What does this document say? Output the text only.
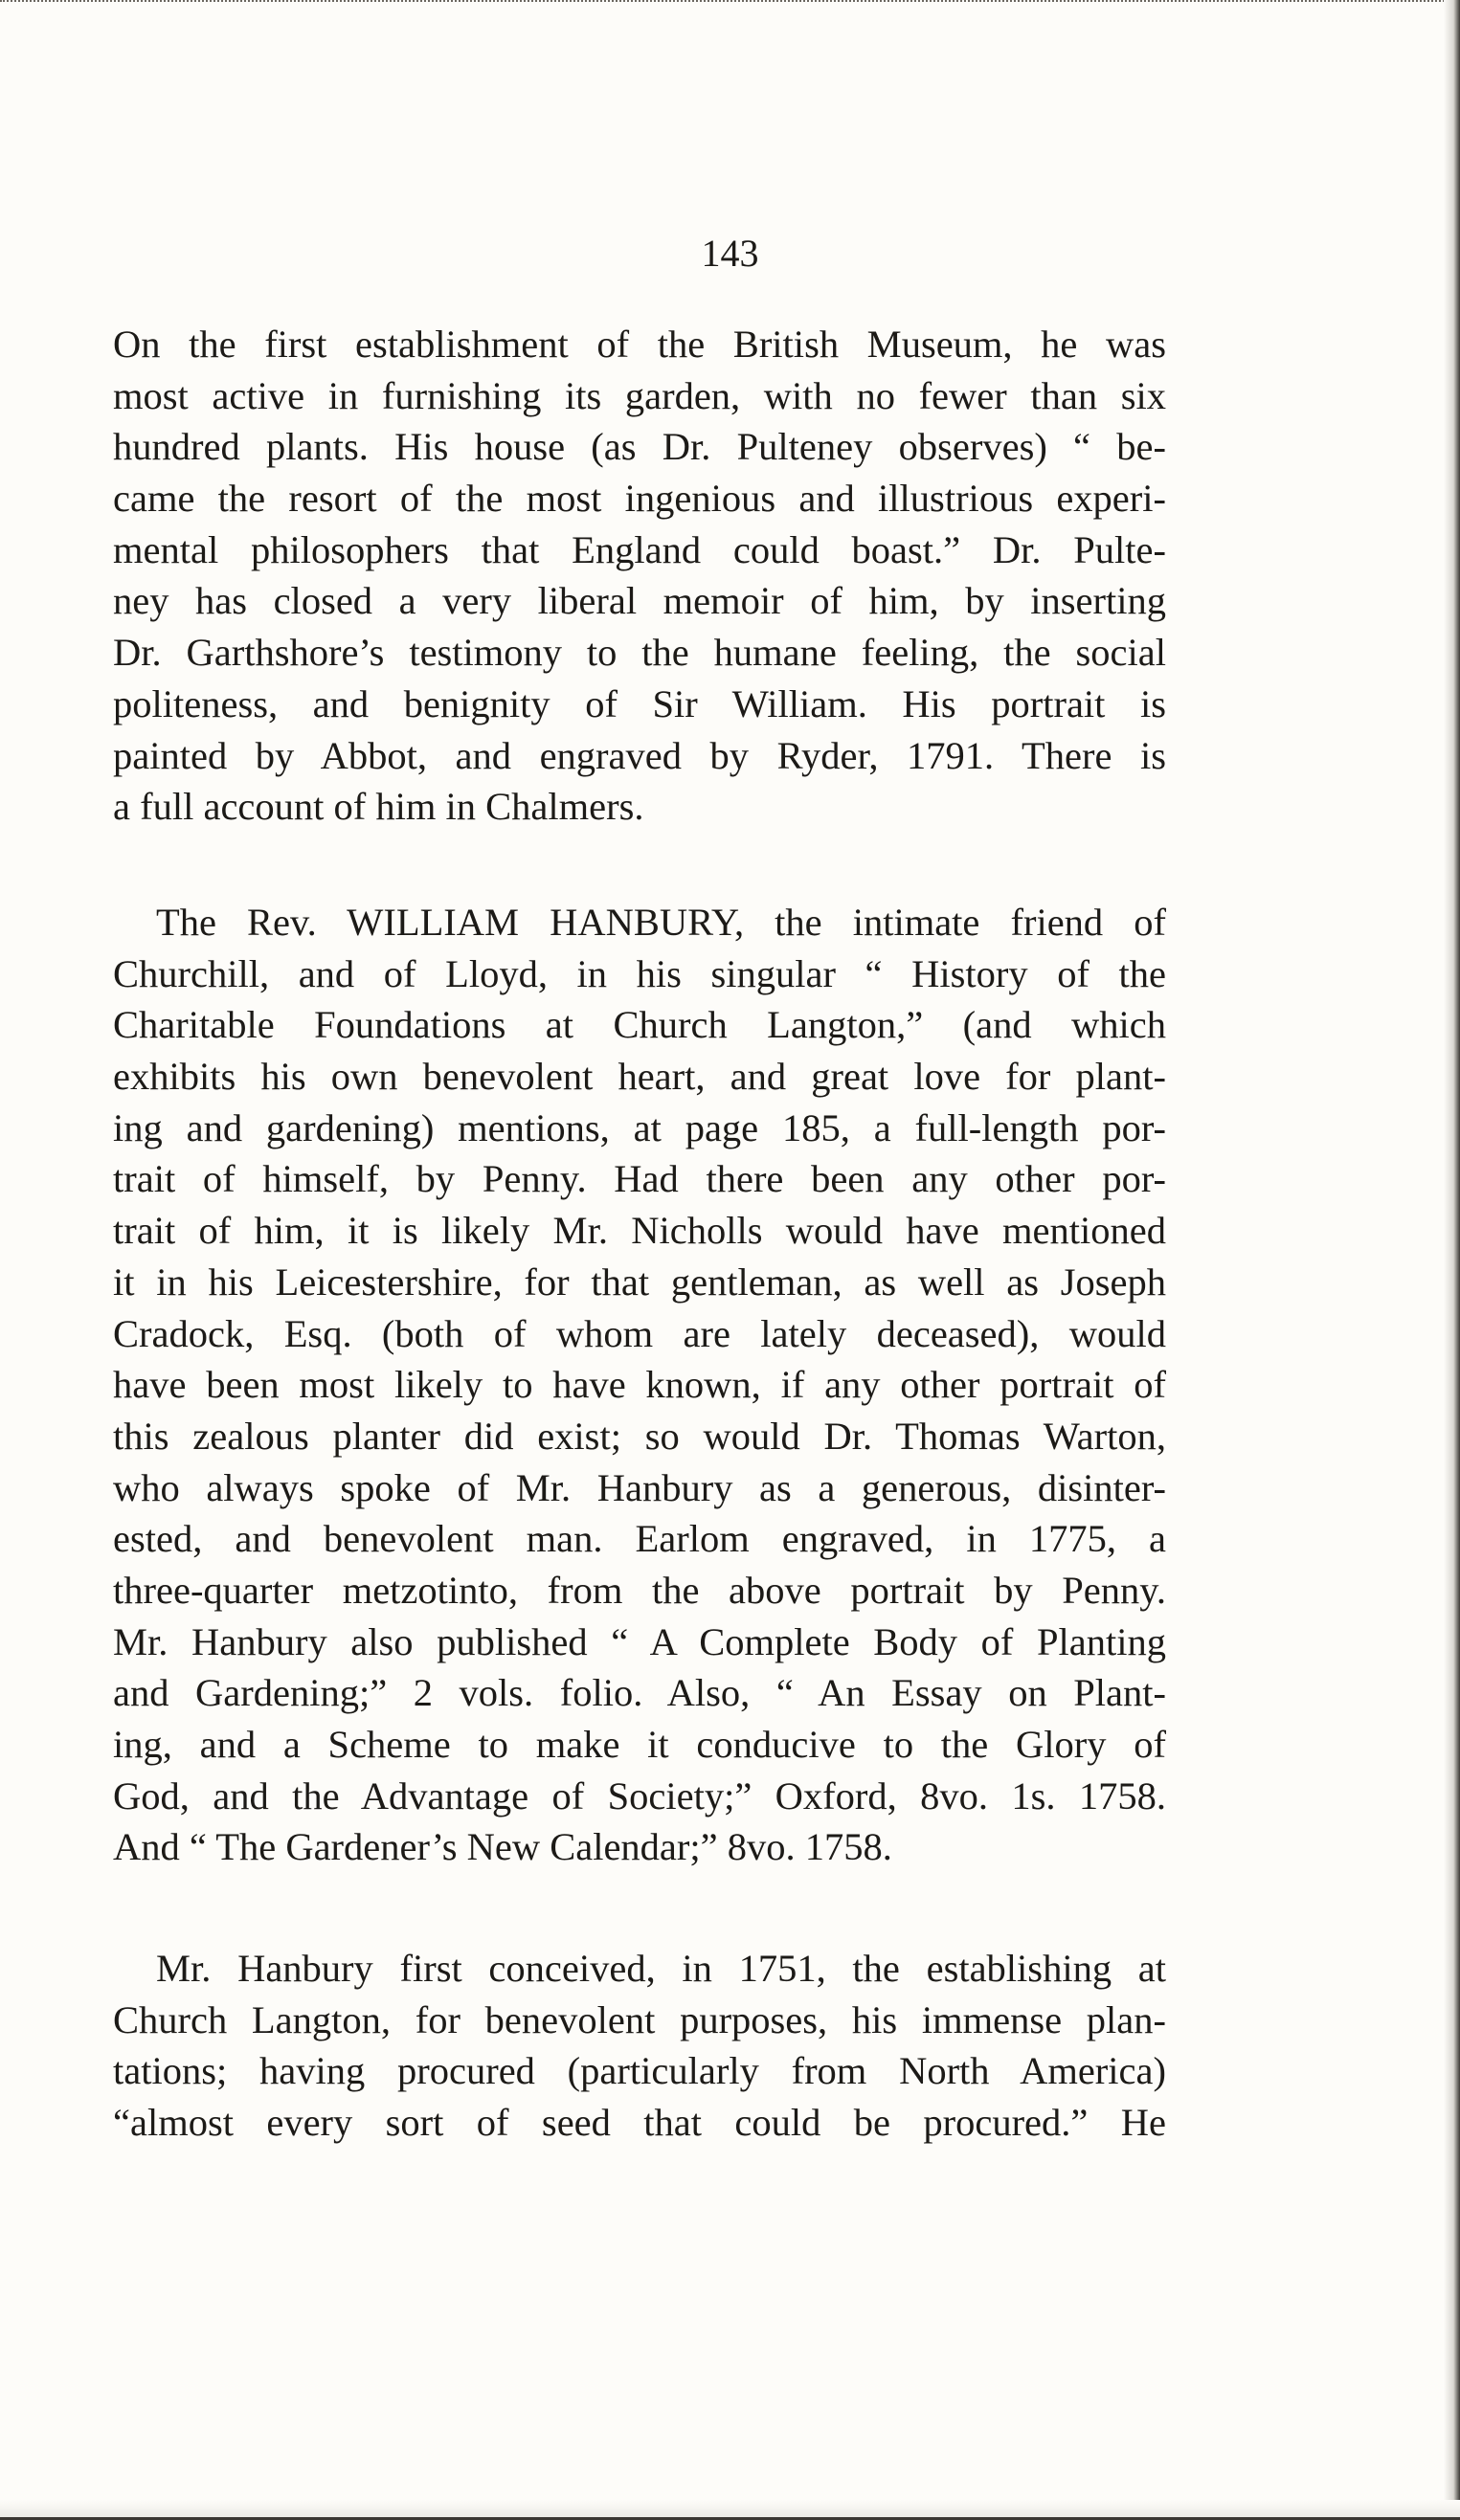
143
On the first establishment of the British Museum, he was
most active in furnishing its garden, with no fewer than six
hundred plants. His house (as Dr. Pulteney observes) “ be-
came the resort of the most ingenious and illustrious experi-
mental philosophers that England could boast.” Dr. Pulte-
ney has closed a very liberal memoir of him, by inserting
Dr. Garthshore’s testimony to the humane feeling, the social
politeness, and benignity of Sir William. His portrait is
painted by Abbot, and engraved by Ryder, 1791. There is
a full account of him in Chalmers.
The Rev. WILLIAM HANBURY, the intimate friend of
Churchill, and of Lloyd, in his singular “ History of the
Charitable Foundations at Church Langton,” (and which
exhibits his own benevolent heart, and great love for plant-
ing and gardening) mentions, at page 185, a full-length por-
trait of himself, by Penny. Had there been any other por-
trait of him, it is likely Mr. Nicholls would have mentioned
it in his Leicestershire, for that gentleman, as well as Joseph
Cradock, Esq. (both of whom are lately deceased), would
have been most likely to have known, if any other portrait of
this zealous planter did exist; so would Dr. Thomas Warton,
who always spoke of Mr. Hanbury as a generous, disinter-
ested, and benevolent man. Earlom engraved, in 1775, a
three-quarter metzotinto, from the above portrait by Penny.
Mr. Hanbury also published “ A Complete Body of Planting
and Gardening;” 2 vols. folio. Also, “ An Essay on Plant-
ing, and a Scheme to make it conducive to the Glory of
God, and the Advantage of Society;” Oxford, 8vo. 1s. 1758.
And “ The Gardener’s New Calendar;” 8vo. 1758.
Mr. Hanbury first conceived, in 1751, the establishing at
Church Langton, for benevolent purposes, his immense plan-
tations; having procured (particularly from North America)
“almost every sort of seed that could be procured.” He
